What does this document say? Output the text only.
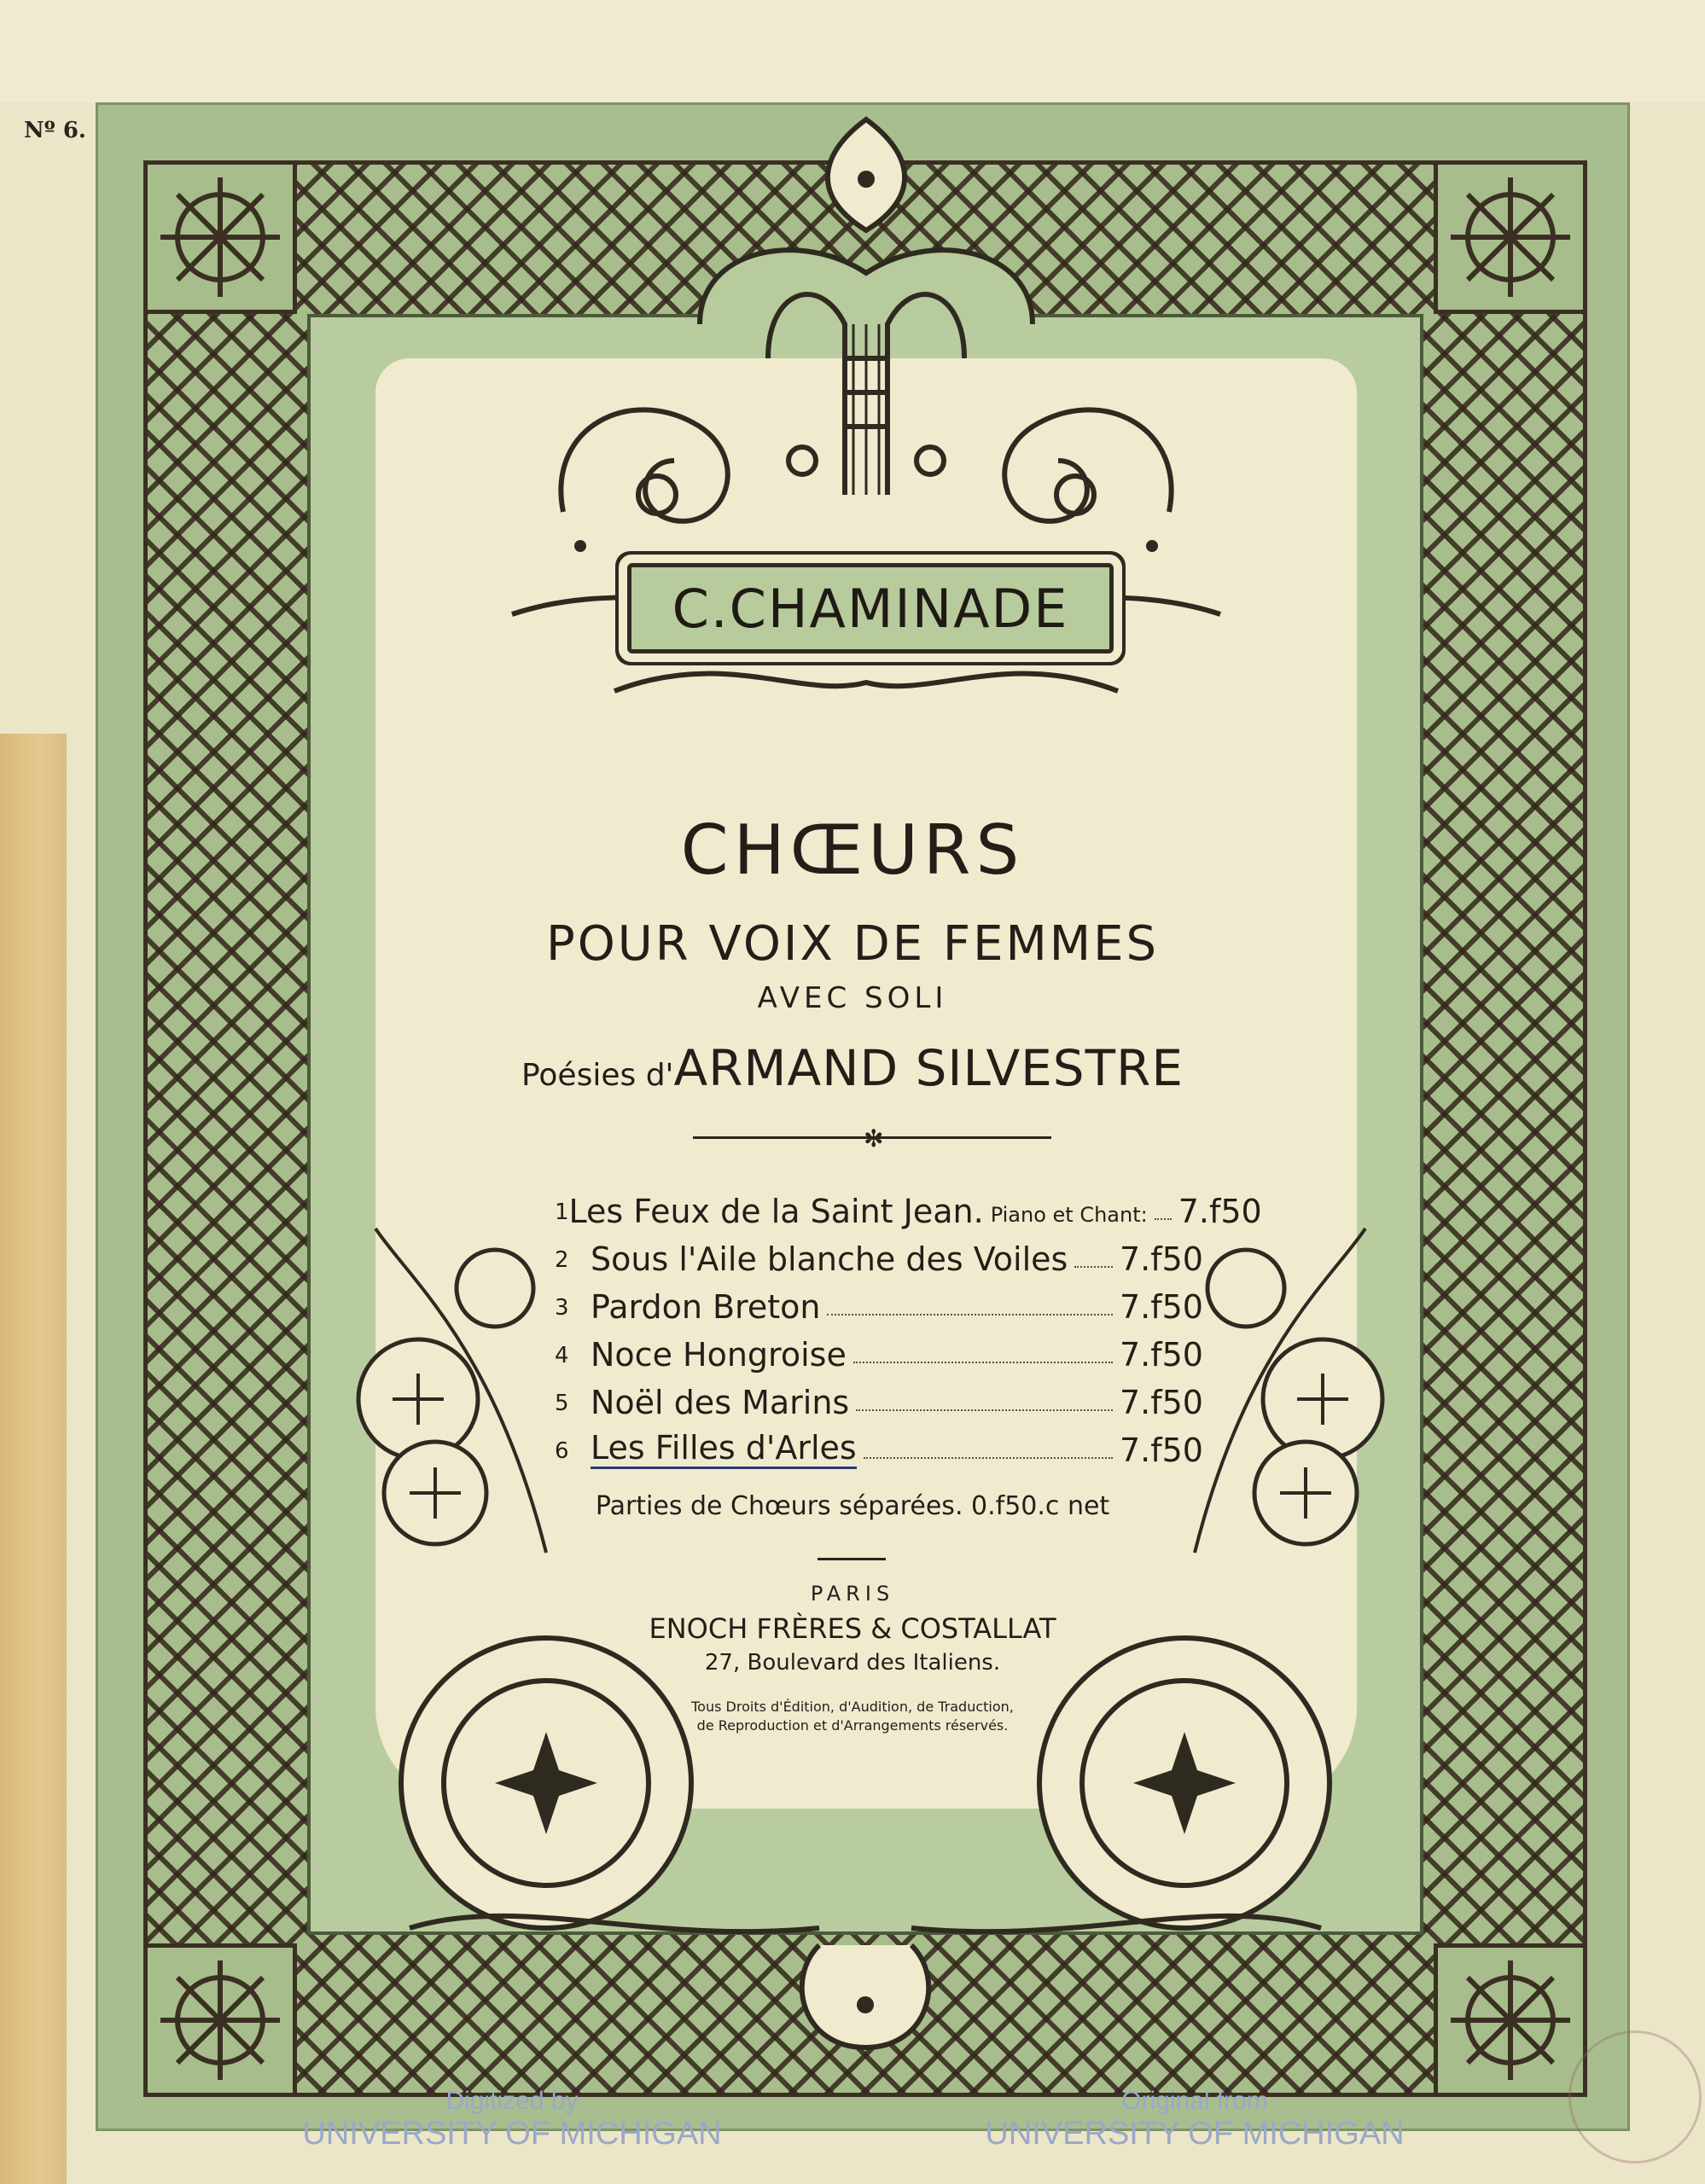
Nº 6.
C.CHAMINADE
CHŒURS
POUR VOIX DE FEMMES
AVEC SOLI
Poésies d'ARMAND SILVESTRE
✻
1 Les Feux de la Saint Jean. Piano et Chant: 7.f50
2 Sous l'Aile blanche des Voiles 7.f50
3 Pardon Breton	7.f50
4 Noce Hongroise	7.f50
5 Noël des Marins	7.f50
6 Les Filles d'Arles	7.f50
Parties de Chœurs séparées. 0.f50.c net
PARIS
ENOCH FRÈRES & COSTALLAT
27, Boulevard des Italiens.
Tous Droits d'Édition, d'Audition, de Traduction,
de Reproduction et d'Arrangements réservés.
Digitized by
UNIVERSITY OF MICHIGAN
Original from
UNIVERSITY OF MICHIGAN
